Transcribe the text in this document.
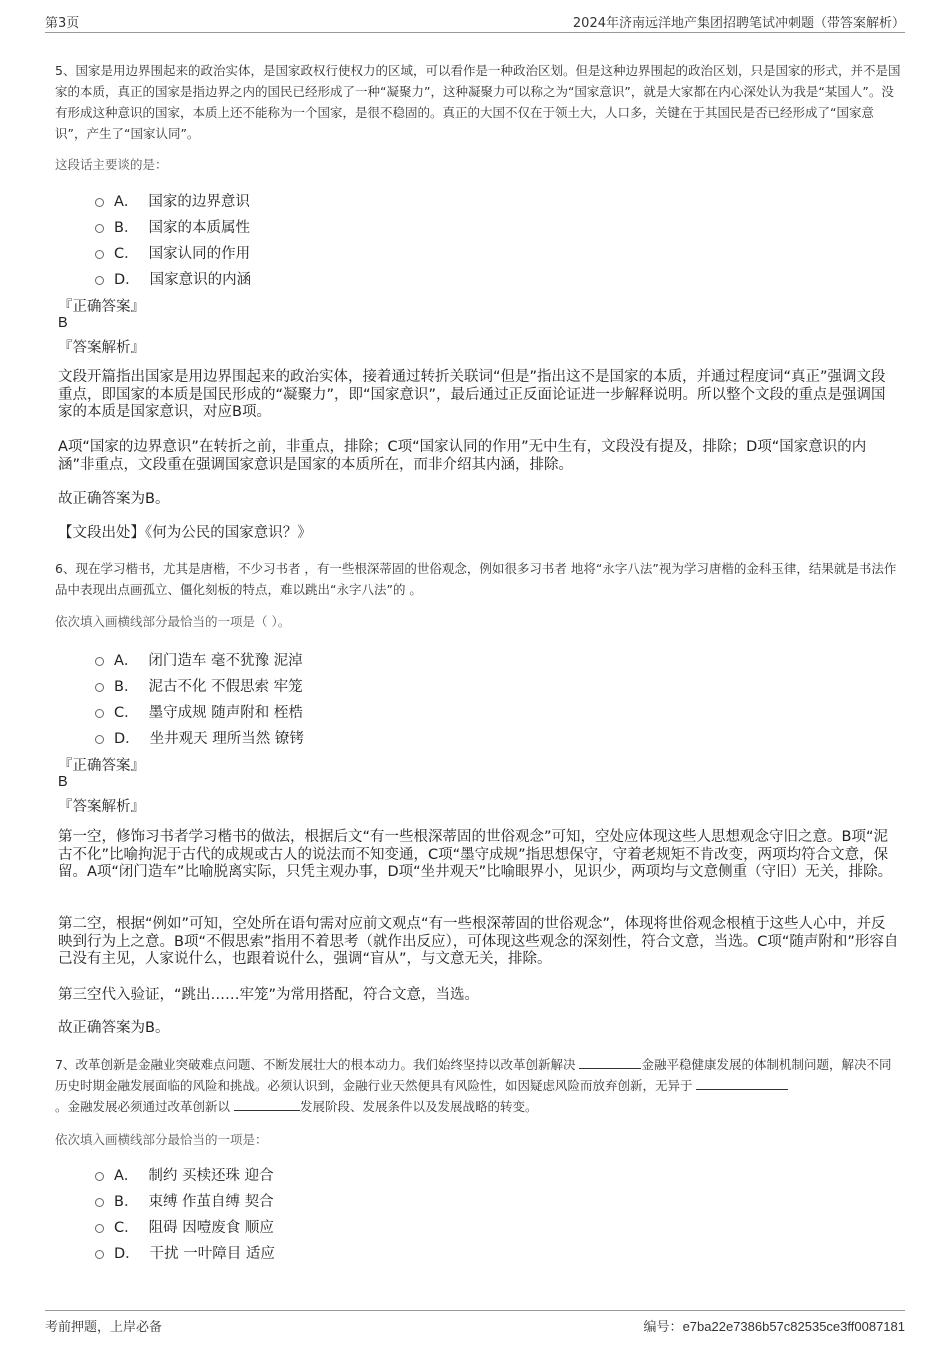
第3页	2024年济南远洋地产集团招聘笔试冲刺题（带答案解析）

5、国家是用边界围起来的政治实体，是国家政权行使权力的区域，可以看作是一种政治区划。但是这种边界围起的政治区划，只是国家的形式，并不是国家的本质，真正的国家是指边界之内的国民已经形成了一种“凝聚力”，这种凝聚力可以称之为“国家意识”，就是大家都在内心深处认为我是“某国人”。没有形成这种意识的国家，本质上还不能称为一个国家，是很不稳固的。真正的大国不仅在于领土大，人口多，关键在于其国民是否已经形成了“国家意识”，产生了“国家认同”。

这段话主要谈的是：

A． 国家的边界意识
B． 国家的本质属性
C． 国家认同的作用
D． 国家意识的内涵
『正确答案』
B
『答案解析』

文段开篇指出国家是用边界围起来的政治实体，接着通过转折关联词“但是”指出这不是国家的本质，并通过程度词“真正”强调文段重点，即国家的本质是国民形成的“凝聚力”，即“国家意识”，最后通过正反面论证进一步解释说明。所以整个文段的重点是强调国家的本质是国家意识，对应B项。

A项“国家的边界意识”在转折之前，非重点，排除；C项“国家认同的作用”无中生有，文段没有提及，排除；D项“国家意识的内涵”非重点，文段重在强调国家意识是国家的本质所在，而非介绍其内涵，排除。

故正确答案为B。

【文段出处】《何为公民的国家意识？》

6、现在学习楷书，尤其是唐楷，不少习书者 ，有一些根深蒂固的世俗观念，例如很多习书者 地将“永字八法”视为学习唐楷的金科玉律，结果就是书法作品中表现出点画孤立、僵化刻板的特点，难以跳出“永字八法”的 。

依次填入画横线部分最恰当的一项是（ ）。

A． 闭门造车 毫不犹豫 泥淖
B． 泥古不化 不假思索 牢笼
C． 墨守成规 随声附和 桎梏
D． 坐井观天 理所当然 镣铐
『正确答案』
B
『答案解析』

第一空，修饰习书者学习楷书的做法，根据后文“有一些根深蒂固的世俗观念”可知，空处应体现这些人思想观念守旧之意。B项“泥古不化”比喻拘泥于古代的成规或古人的说法而不知变通，C项“墨守成规”指思想保守，守着老规矩不肯改变，两项均符合文意，保留。A项“闭门造车”比喻脱离实际，只凭主观办事，D项“坐井观天”比喻眼界小，见识少，两项均与文意侧重（守旧）无关，排除。

第二空，根据“例如”可知，空处所在语句需对应前文观点“有一些根深蒂固的世俗观念”，体现将世俗观念根植于这些人心中，并反映到行为上之意。B项“不假思索”指用不着思考（就作出反应），可体现这些观念的深刻性，符合文意，当选。C项“随声附和”形容自己没有主见，人家说什么，也跟着说什么，强调“盲从”，与文意无关，排除。

第三空代入验证，“跳出……牢笼”为常用搭配，符合文意，当选。

故正确答案为B。

7、改革创新是金融业突破难点问题、不断发展壮大的根本动力。我们始终坚持以改革创新解决	金融平稳健康发展的体制机制问题，解决不同历史时期金融发展面临的风险和挑战。必须认识到，金融行业天然便具有风险性，如因疑虑风险而放弃创新，无异于
。金融发展必须通过改革创新以	发展阶段、发展条件以及发展战略的转变。

依次填入画横线部分最恰当的一项是：

A． 制约 买椟还珠 迎合
B． 束缚 作茧自缚 契合
C． 阻碍 因噎废食 顺应
D． 干扰 一叶障目 适应
考前押题，上岸必备	编号：e7ba22e7386b57c82535ce3ff0087181
